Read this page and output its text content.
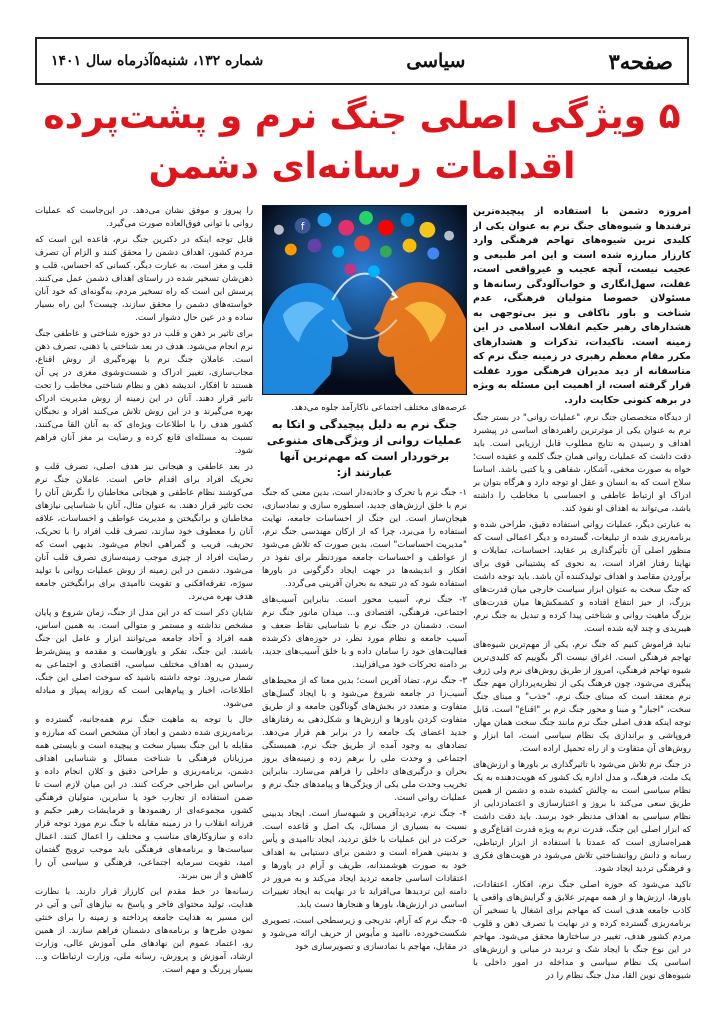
صفحه۳
سیاسی
شماره ۱۳۲، شنبه۵آذرماه سال ۱۴۰۱
۵ ویژگی اصلی جنگ نرم و پشت‌پرده
اقدامات رسانه‌ای دشمن

امروزه دشمن با استفاده از پیچیده‌ترین ترفندها و شیوه‌های جنگ نرم به عنوان یکی از کلیدی ترین شیوه‌های تهاجم فرهنگی وارد کارزار مبارزه شده است و این امر طبیعی و عجیب نیست، آنچه عجیب و غیرواقعی است، غفلت، سهل‌انگاری و خواب‌آلودگی رسانه‌ها و مسئولان خصوصا متولیان فرهنگی، عدم شناخت و باور ناکافی و نیز بی‌توجهی به هشدارهای رهبر حکیم انقلاب اسلامی در این زمینه است. تاکیدات، تذکرات و هشدارهای مکرر مقام معظم رهبری در زمینه جنگ نرم که متاسفانه از دید مدیران فرهنگی مورد غفلت قرار گرفته است، از اهمیت این مسئله به ویژه در برهه کنونی حکایت دارد.

از دیدگاه متخصصان جنگ نرم، "عملیات روانی" در بستر جنگ نرم به عنوان یکی از موثرترین راهبردهای اساسی در پیشبرد اهداف و رسیدن به نتایج مطلوب قابل ارزیابی است. باید دقت داشت که عملیات روانی همان جنگ کلمه و عقیده است؛ خواه به صورت مخفی، آشکار، شفاهی و یا کتبی باشد. اساسا سلاح است که به انسان و عقل او توجه دارد و هرگاه بتوان بر ادراک او ارتباط عاطفی و احساسی با مخاطب را داشته باشد، می‌تواند به اهداف او نفوذ کند.

به عبارتی دیگر، عملیات روانی استفاده دقیق، طراحی شده و برنامه‌ریزی شده از تبلیغات، گسترده و دیگر اعمالی است که منظور اصلی آن تأثیرگذاری بر عقاید، احساسات، تمایلات و نهایتا رفتار افراد است، به نحوی که پشتیبانی قوی برای برآوردن مقاصد و اهداف تولیدکننده آن باشد. باید توجه داشت که جنگ سخت به عنوان ابزار سیاست خارجی میان قدرت‌های بزرگ، از حیز انتفاع افتاده و کشمکش‌ها میان قدرت‌های بزرگ ماهیت روانی و شناختی پیدا کرده و تبدیل به جنگ نرم، هیبریدی و چند لایه شده است.

نباید فراموش کنیم که جنگ نرم، یکی از مهم‌ترین شیوه‌های تهاجم فرهنگی است. اغراق نیست اگر بگوییم که کلیدی‌ترین شیوه تهاجم فرهنگی، امروز از طریق روش‌های نرم ولی ژرف پیگیری می‌شود، چون فرهنگ یکی از نظریه‌پردازان مهم جنگ نرم معتقد است که مبنای جنگ نرم، "جذب" و مبنای جنگ سخت، "اجبار" و مبنا و محور جنگ نرم بر "اقناع" است. قابل توجه اینکه هدف اصلی جنگ نرم مانند جنگ سخت همان مهار، فروپاشی و براندازی یک نظام سیاسی است، اما ابزار و روش‌های آن متفاوت و از راه تحمیل اراده است.

در جنگ نرم تلاش می‌شود با تاثیرگذاری بر باورها و ارزش‌های یک ملت، فرهنگ، و مدل اداره یک کشور که هویت‌دهنده به یک نظام سیاسی است به چالش کشیده شده و دشمن از همین طریق سعی می‌کند با بروز و اعتبارسازی و اعتمادزدایی از نظام سیاسی به اهداف مدنظر خود برسد. باید دقت داشت که ابزار اصلی این جنگ، قدرت نرم به ویژه قدرت اقناع‌گری و همراه‌سازی است که عمدتا با استفاده از ابزار ارتباطی، رسانه و دانش روانشناختی تلاش می‌شود در هویت‌های فکری و فرهنگی تردید ایجاد شود.

تاکید می‌شود که حوزه اصلی جنگ نرم، افکار، اعتقادات، باورها، ارزش‌ها و از همه مهم‌تر علایق و گرایش‌های واقعی یا کاذب جامعه هدف است که مهاجم برای اشغال یا تسخیر آن برنامه‌ریزی گسترده کرده و در نهایت با تصرف ذهن و قلوب مردم کشور هدف، تغییر در ساختارها محقق می‌شود. مهاجم در این نوع جنگ با ایجاد شک و تردید در مبانی و ارزش‌های اساسی یک نظام سیاسی و مداخله در امور داخلی با شیوه‌های نوین القا، مدل جنگ نظام را در

f

عرصه‌های مختلف اجتماعی ناکارآمد جلوه می‌دهد.

جنگ نرم به دلیل پیچیدگی و اتکا به عملیات روانی از ویژگی‌های متنوعی برخوردار است که مهم‌ترین آنها عبارتند از:

۱- جنگ نرم با تحرک و جاذبه‌دار است، بدین معنی که جنگ نرم با خلق ارزش‌های جدید، اسطوره سازی و نمادسازی، هیجان‌ساز است. این جنگ از احساسات جامعه، نهایت استفاده را می‌برد، چرا که از ارکان مهندسی جنگ نرم، "مدیریت احساسات" است، بدین صورت که تلاش می‌شود از عواطف و احساسات جامعه موردنظر برای نفوذ در افکار و اندیشه‌ها در جهت ایجاد دگرگونی در باورها استفاده شود که در نتیجه به بحران آفرینی می‌گردد.

۲- جنگ نرم، آسیب محور است. بنابراین آسیب‌های اجتماعی، فرهنگی، اقتصادی و... میدان مانور جنگ نرم است. دشمنان در جنگ نرم با شناسایی نقاط ضعف و آسیب جامعه و نظام مورد نظر، در حوزه‌های ذکرشده فعالیت‌های خود را سامان داده و با خلق آسیب‌های جدید، بر دامنه تحرکات خود می‌افزایند.

۳- جنگ نرم، تضاد آفرین است؛ بدین معنا که از محیط‌های آسیب‌زا در جامعه شروع می‌شود و با ایجاد گسل‌های متفاوت و متعدد در بخش‌های گوناگون جامعه و از طریق متفاوت کردن باورها و ارزش‌ها و شکل‌دهی به رفتارهای جدید اعضای یک جامعه را در برابر هم قرار می‌دهد. تضادهای به وجود آمده از طریق جنگ نرم، همبستگی اجتماعی و وحدت ملی را برهم زده و زمینه‌های بروز بحران و درگیری‌های داخلی را فراهم می‌سازد. بنابراین تخریب وحدت ملی یکی از ویژگی‌ها و پیامدهای جنگ نرم و عملیات روانی است.

۴- جنگ نرم، تردیدآفرین و شبهه‌ساز است. ایجاد بدبینی نسبت به بسیاری از مسائل، یک اصل و قاعده است. حرکت در این عملیات با خلق تردید، ایجاد ناامیدی و یأس و بدبینی همراه است و دشمن برای دستیابی به اهداف خود به صورت هوشمندانه، ظریف و آرام در باورها و اعتقادات اساسی جامعه تردید ایجاد می‌کند و به مرور در دامنه این تردیدها می‌افزاید تا در نهایت به ایجاد تغییرات اساسی در ارزش‌ها، باورها و هنجارها دست یابد.

۵- جنگ نرم که آرام، تدریجی و زیرسطحی است، تصویری شکست‌خورده، ناامید و مأیوس از حریف ارائه می‌شود و در مقابل، مهاجم با نمادسازی و تصویرسازی خود

را پیروز و موفق نشان می‌دهد. در این‌جاست که عملیات روانی با توانی فوق‌العاده صورت می‌گیرد.

قابل توجه اینکه در دکترین جنگ نرم، قاعده این است که مردم کشور، اهداف دشمن را محقق کنند و الزام آن تصرف قلب و مغز است. به عبارت دیگر، کسانی که احساس، قلب و ذهن‌شان تسخیر شده در راستای اهداف دشمن عمل می‌کنند. پرسش این است که راه تسخیر مردم، به‌گونه‌ای که خود آنان خواسته‌های دشمن را محقق سازند، چیست؟ این راه بسیار ساده و در عین حال دشوار است.

برای تاثیر بر ذهن و قلب در دو حوزه شناختی و عاطفی جنگ نرم انجام می‌شود. هدف در بعد شناختی یا ذهنی، تصرف ذهن است. عاملان جنگ نرم با بهره‌گیری از روش اقناع، مجاب‌سازی، تغییر ادراک و شست‌وشوی مغزی در پی آن هستند تا افکار، اندیشه ذهن و نظام شناختی مخاطب را تحت تاثیر قرار دهند. آنان در این زمینه از روش مدیریت ادراک بهره می‌گیرند و در این روش تلاش می‌کنند افراد و نخبگان کشور هدف را با اطلاعات ویژه‌ای که به آنان القا می‌کنند، نسبت به مسئله‌ای قانع کرده و رضایت بر مغز آنان فراهم شود.

در بعد عاطفی و هیجانی نیز هدف اصلی، تصرف قلب و تحریک افراد برای اقدام خاص است. عاملان جنگ نرم می‌کوشند نظام عاطفی و هیجانی مخاطبان را نگرش آنان را تحت تاثیر قرار دهند. به عنوان مثال، آنان با شناسایی نیازهای مخاطبان و برانگیختن و مدیریت عواطف و احساسات، علاقه آنان را معطوف خود سازند، تصرف قلب افراد را با تحریک، تحریف، فریب و گمراهی انجام می‌شود. بدیهی است که رضایت افراد از چیزی موجب زمینه‌سازی تصرف قلب آنان می‌شود. دشمن در این زمینه از روش عملیات روانی با تولید سوژه، تفرقه‌افکنی و تقویت ناامیدی برای برانگیختن جامعه هدف بهره می‌برد.

شایان ذکر است که در این مدل از جنگ، زمان شروع و پایان مشخص نداشته و مستمر و متوالی است. به همین اساس، همه افراد و آحاد جامعه می‌توانند ابزار و عامل این جنگ باشند. این جنگ، تفکر و باورهاست و مقدمه و پیش‌شرط رسیدن به اهداف مختلف سیاسی، اقتصادی و اجتماعی به شمار می‌رود. توجه داشته باشید که سوخت اصلی این جنگ، اطلاعات، اخبار و پیام‌هایی است که روزانه پمپاژ و مبادله می‌شود.

حال با توجه به ماهیت جنگ نرم همه‌جانبه، گسترده و برنامه‌ریزی شده دشمن و ابعاد آن مشخص است که مبارزه و مقابله با این جنگ بسیار سخت و پیچیده است و بایستی همه مرزبانان فرهنگی با شناخت مسائل و شناسایی اهداف دشمن، برنامه‌ریزی و طراحی دقیق و کلان انجام داده و براساس این طراحی حرکت کنند. در این میان لازم است تا ضمن استفاده از تجارب خود یا سایرین، متولیان فرهنگی کشور، مجموعه‌ای از رهنمودها و فرمایشات رهبر حکیم و فرزانه انقلاب را در زمینه مقابله با جنگ نرم مورد توجه قرار داده و سازوکارهای مناسب و مختلف را اعمال کنند. اعمال سیاست‌ها و برنامه‌های فرهنگی باید موجب ترویج گفتمان امید، تقویت سرمایه اجتماعی، فرهنگی و سیاسی آن را کاهش و از بین ببرند.

رسانه‌ها در خط مقدم این کارزار قرار دارند. با نظارت هدایت، تولید محتوای فاخر و پاسخ به نیازهای آنی و آتی در این مسیر به هدایت جامعه پرداخته و زمینه را برای خنثی نمودن طرح‌ها و برنامه‌های دشمنان فراهم سازند. از همین رو، اعتماد عموم این نهادهای ملی آموزش عالی، وزارت ارشاد، آموزش و پرورش، رسانه ملی، وزارت ارتباطات و... بسیار پررنگ و مهم است.
